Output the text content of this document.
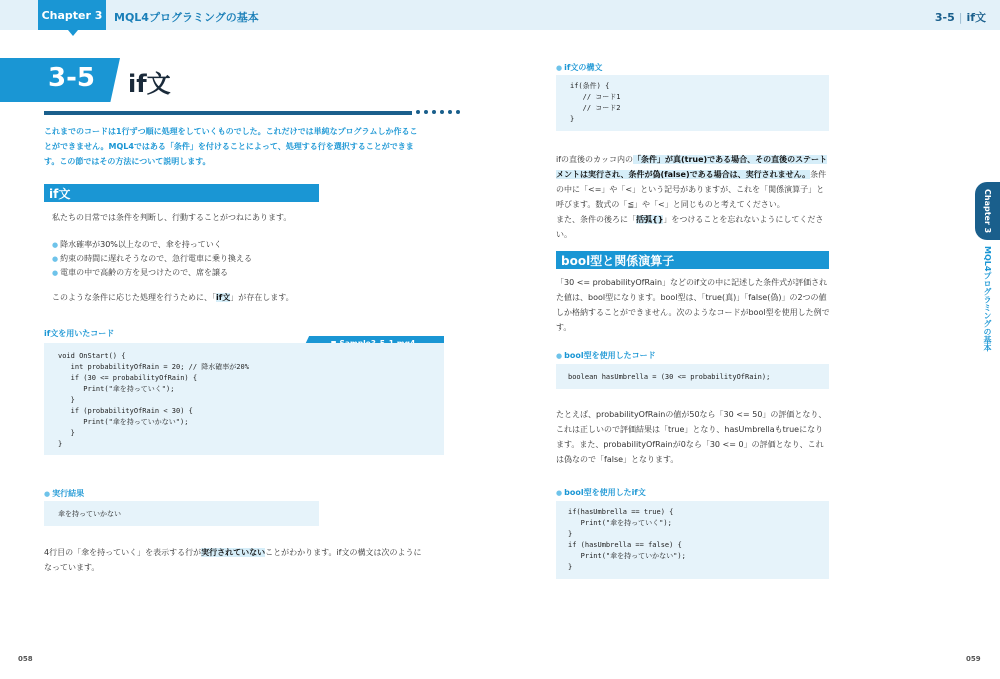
Chapter 3	MQL4プログラミングの基本	3-5 | if文
3-5 if文
これまでのコードは1行ずつ順に処理をしていくものでした。これだけでは単純なプログラムしか作ることができません。MQL4ではある「条件」を付けることによって、処理する行を選択することができます。この節ではその方法について説明します。
if文
私たちの日常では条件を判断し、行動することがつねにあります。
● 降水確率が30%以上なので、傘を持っていく
● 約束の時間に遅れそうなので、急行電車に乗り換える
● 電車の中で高齢の方を見つけたので、席を譲る
このような条件に応じた処理を行うために、「if文」が存在します。
if文を用いたコード
■
void OnStart() {
int probabilityOfRain = 20; // 降水確率が20%
if (30 <= probabilityOfRain) {
Print("傘を持っていく");
}
if (probabilityOfRain < 30) {
Print("傘を持っていかない");
}
}
● 実行結果
傘を持っていかない
4行目の「傘を持っていく」を表示する行が実行されていないことがわかります。if文の構文は次のようになっています。
● if文の構文
if(条件) {
// コード1
// コード2
}
ifの直後のカッコ内の「条件」が真(true)である場合、その直後のステートメントは実行され、条件が偽(false)である場合は、実行されません。条件の中に「<=」や「<」という記号がありますが、これを「関係演算子」と呼びます。数式の「≦」や「<」と同じものと考えてください。
また、条件の後ろに「括弧{}」をつけることを忘れないようにしてください。
bool型と関係演算子
「30 <= probabilityOfRain」などのif文の中に記述した条件式が評価された値は、bool型になります。bool型は、「true(真)」「false(偽)」の2つの値しか格納することができません。次のようなコードがbool型を使用した例です。
● bool型を使用したコード
boolean hasUmbrella = (30 <= probabilityOfRain);
たとえば、probabilityOfRainの値が50なら「30 <= 50」の評価となり、これは正しいので評価結果は「true」となり、hasUmbrellaもtrueになります。また、probabilityOfRainが0なら「30 <= 0」の評価となり、これは偽なので「false」となります。
● bool型を使用したif文
if(hasUmbrella == true) {
Print("傘を持っていく");
}
if (hasUmbrella == false) {
Print("傘を持っていかない");
}
Chapter 3
MQL4プログラミングの基本
058	059
